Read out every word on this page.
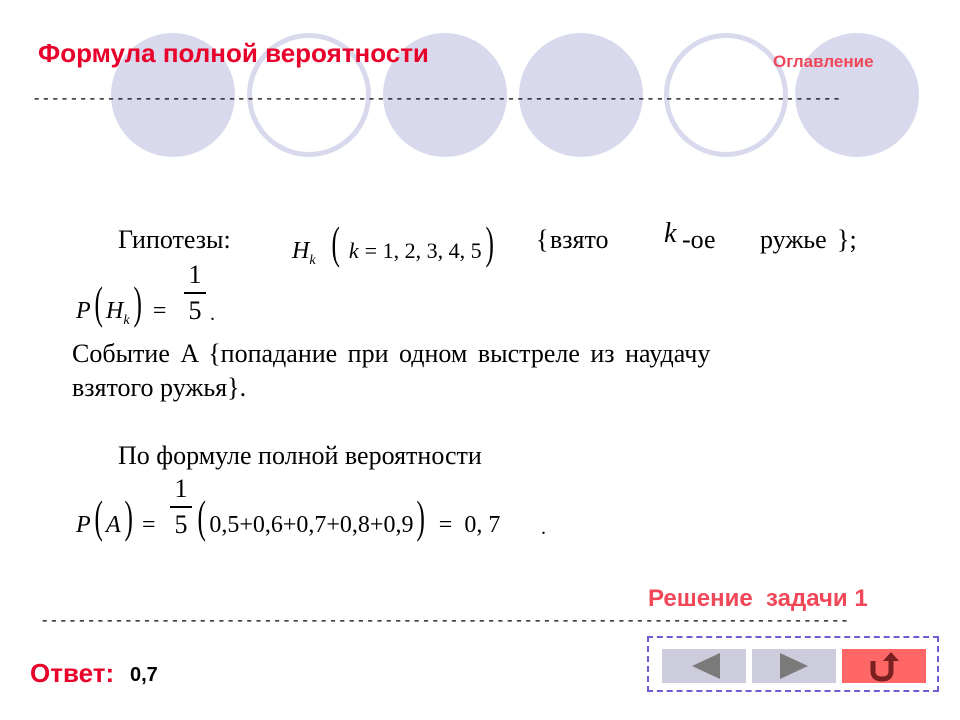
Формула полной вероятности	Оглавление
---------------------------------------------------------------------------------------
Гипотезы:	$H_k$ ( k = 1, 2, 3, 4, 5) { взято k -ое ружье };
P( $H_k$) =
1
5 .
Событие A {попадание при одном выстреле из наудачу
взятого ружья}.
По формуле полной вероятности
P( A) =
1
5 ( 0,5+0,6+0,7+0,8+0,9) = 0, 7 .
Решение  задачи 1
---------------------------------------------------------------------------------------
Ответ: 0,7
